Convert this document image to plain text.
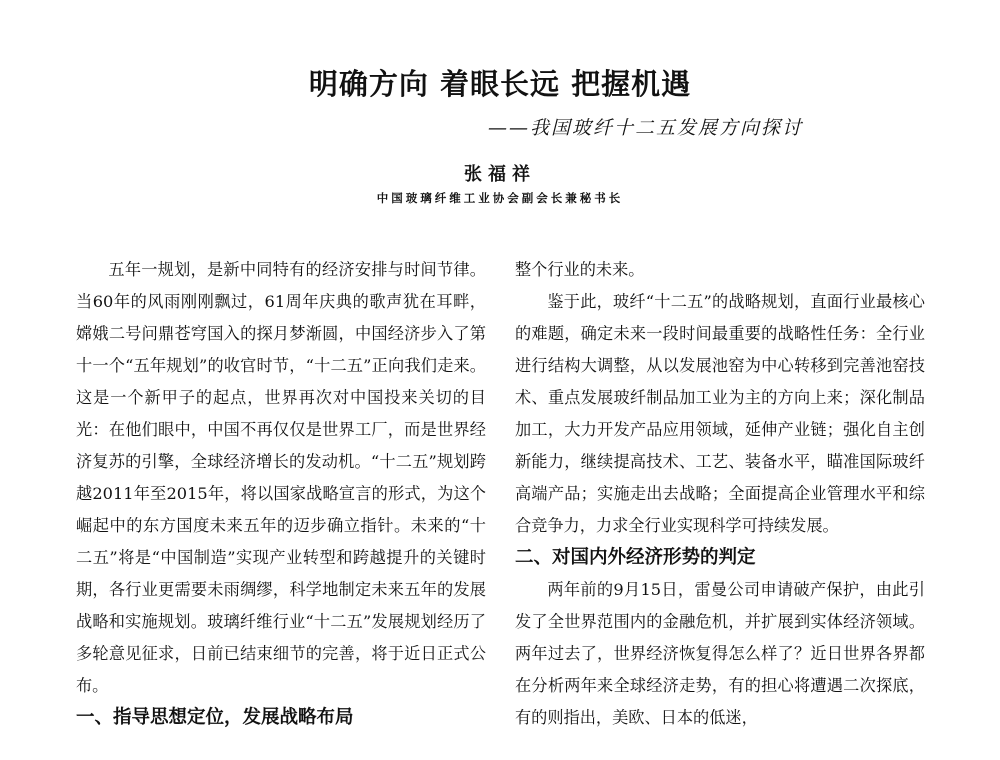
明确方向 着眼长远 把握机遇

——我国玻纤十二五发展方向探讨

张福祥

中国玻璃纤维工业协会副会长兼秘书长

五年一规划，是新中同特有的经济安排与时间节律。当60年的风雨刚刚飘过，61周年庆典的歌声犹在耳畔，嫦娥二号问鼎苍穹国入的探月梦渐圆，中国经济步入了第十一个“五年规划”的收官时节，“十二五”正向我们走来。这是一个新甲子的起点，世界再次对中国投来关切的目光：在他们眼中，中国不再仅仅是世界工厂，而是世界经济复苏的引擎，全球经济增长的发动机。“十二五”规划跨越2011年至2015年，将以国家战略宣言的形式，为这个崛起中的东方国度未来五年的迈步确立指针。未来的“十二五”将是“中国制造”实现产业转型和跨越提升的关键时期，各行业更需要未雨绸缪，科学地制定未来五年的发展战略和实施规划。玻璃纤维行业“十二五”发展规划经历了多轮意见征求，日前已结束细节的完善，将于近日正式公布。

一、指导思想定位，发展战略布局

整个行业的未来。

鉴于此，玻纤“十二五”的战略规划，直面行业最核心的难题，确定未来一段时间最重要的战略性任务：全行业进行结构大调整，从以发展池窑为中心转移到完善池窑技术、重点发展玻纤制品加工业为主的方向上来；深化制品加工，大力开发产品应用领域，延伸产业链；强化自主创新能力，继续提高技术、工艺、装备水平，瞄准国际玻纤高端产品；实施走出去战略；全面提高企业管理水平和综合竞争力，力求全行业实现科学可持续发展。

二、对国内外经济形势的判定

两年前的9月15日，雷曼公司申请破产保护，由此引发了全世界范围内的金融危机，并扩展到实体经济领域。两年过去了，世界经济恢复得怎么样了？近日世界各界都在分析两年来全球经济走势，有的担心将遭遇二次探底，有的则指出，美欧、日本的低迷，
